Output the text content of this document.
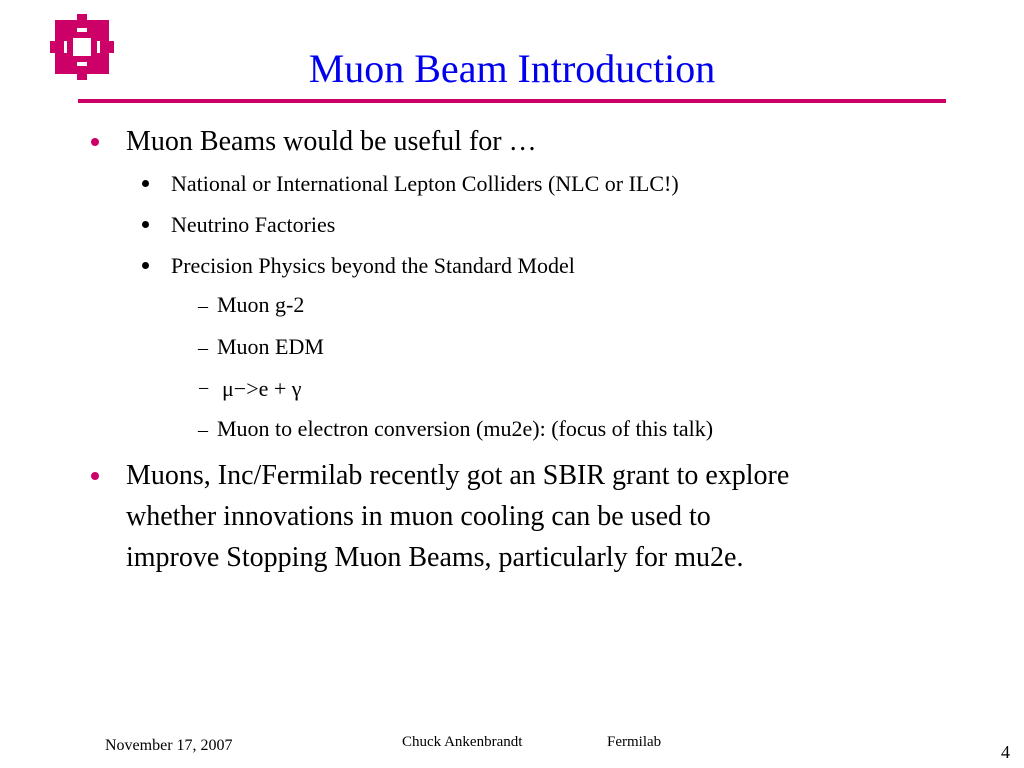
Muon Beam Introduction
Muon Beams would be useful for …
National or International Lepton Colliders (NLC or ILC!)
Neutrino Factories
Precision Physics beyond the Standard Model
– Muon g-2
– Muon EDM
− μ−>e + γ
– Muon to electron conversion (mu2e): (focus of this talk)
Muons, Inc/Fermilab recently got an SBIR grant to explore
whether innovations in muon cooling can be used to
improve Stopping Muon Beams, particularly for mu2e.
November 17, 2007	Chuck Ankenbrandt	Fermilab	4
